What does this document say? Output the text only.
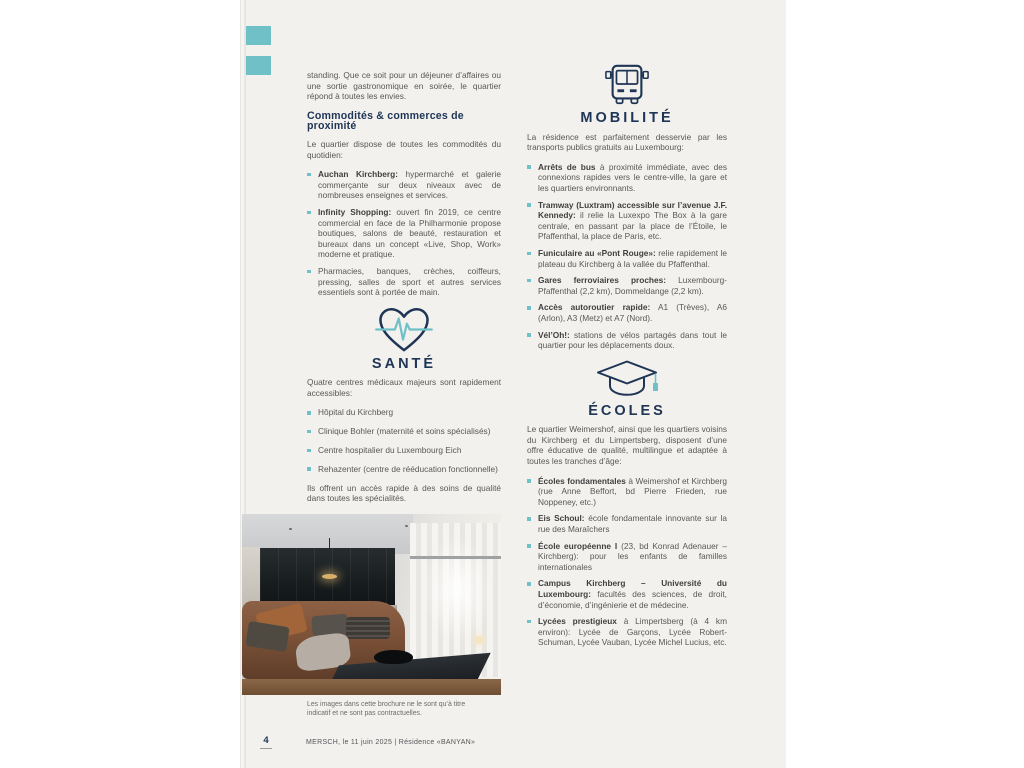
standing. Que ce soit pour un déjeuner d’affaires ou une sortie gastronomique en soirée, le quartier répond à toutes les envies.

Commodités & commerces de proximité

Le quartier dispose de toutes les commodités du quotidien:

Auchan Kirchberg: hypermarché et galerie commerçante sur deux niveaux avec de nombreuses enseignes et services.
Infinity Shopping: ouvert fin 2019, ce centre commercial en face de la Philharmonie propose boutiques, salons de beauté, restauration et bureaux dans un concept «Live, Shop, Work» moderne et pratique.
Pharmacies, banques, crèches, coiffeurs, pressing, salles de sport et autres services essentiels sont à portée de main.
SANTÉ

Quatre centres médicaux majeurs sont rapidement accessibles:

Hôpital du Kirchberg
Clinique Bohler (maternité et soins spécialisés)
Centre hospitalier du Luxembourg Eich
Rehazenter (centre de rééducation fonctionnelle)

Ils offrent un accès rapide à des soins de qualité dans toutes les spécialités.

Les images dans cette brochure ne le sont qu’à titre indicatif et ne sont pas contractuelles.
MOBILITÉ

La résidence est parfaitement desservie par les transports publics gratuits au Luxembourg:

Arrêts de bus à proximité immédiate, avec des connexions rapides vers le centre-ville, la gare et les quartiers environnants.
Tramway (Luxtram) accessible sur l’avenue J.F. Kennedy: il relie la Luxexpo The Box à la gare centrale, en passant par la place de l’Étoile, le Pfaffenthal, la place de Paris, etc.
Funiculaire au «Pont Rouge»: relie rapidement le plateau du Kirchberg à la vallée du Pfaffenthal.
Gares ferroviaires proches: Luxembourg-Pfaffenthal (2,2 km), Dommeldange (2,2 km).
Accès autoroutier rapide: A1 (Trèves), A6 (Arlon), A3 (Metz) et A7 (Nord).
Vél’Oh!: stations de vélos partagés dans tout le quartier pour les déplacements doux.
ÉCOLES

Le quartier Weimershof, ainsi que les quartiers voisins du Kirchberg et du Limpertsberg, disposent d’une offre éducative de qualité, multilingue et adaptée à toutes les tranches d’âge:

Écoles fondamentales à Weimershof et Kirchberg (rue Anne Beffort, bd Pierre Frieden, rue Noppeney, etc.)
Eis Schoul: école fondamentale innovante sur la rue des Maraîchers
École européenne I (23, bd Konrad Adenauer – Kirchberg): pour les enfants de familles internationales
Campus Kirchberg – Université du Luxembourg: facultés des sciences, de droit, d’économie, d’ingénierie et de médecine.
Lycées prestigieux à Limpertsberg (à 4 km environ): Lycée de Garçons, Lycée Robert-Schuman, Lycée Vauban, Lycée Michel Lucius, etc.
4	MERSCH, le 11 juin 2025 | Résidence «BANYAN»
